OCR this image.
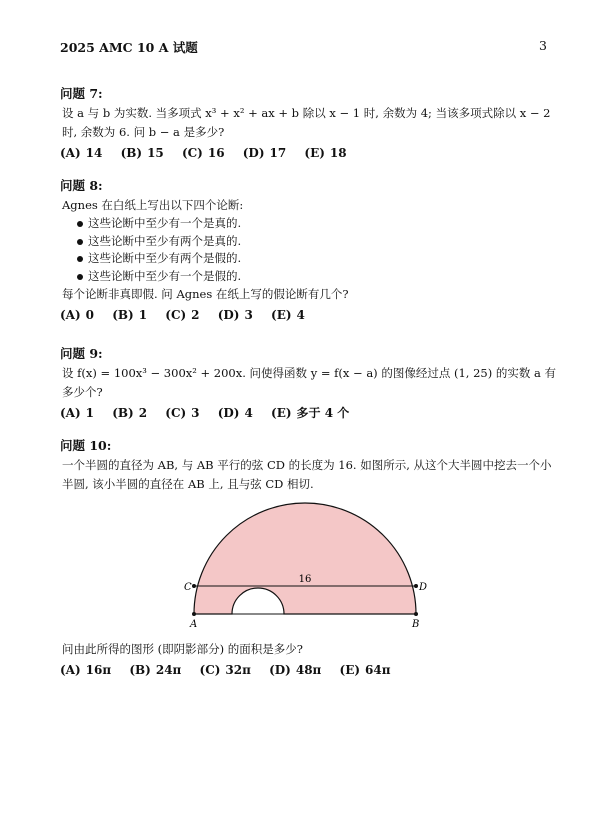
2025 AMC 10 A 试题	3
问题 7:
设 a 与 b 为实数. 当多项式 x³ + x² + ax + b 除以 x − 1 时, 余数为 4; 当该多项式除以 x − 2 时, 余数为 6. 问 b − a 是多少?
(A) 14 (B) 15 (C) 16 (D) 17 (E) 18
问题 8:
Agnes 在白纸上写出以下四个论断:
这些论断中至少有一个是真的.
这些论断中至少有两个是真的.
这些论断中至少有两个是假的.
这些论断中至少有一个是假的.
每个论断非真即假. 问 Agnes 在纸上写的假论断有几个?
(A) 0 (B) 1 (C) 2 (D) 3 (E) 4
问题 9:
设 f(x) = 100x³ − 300x² + 200x. 问使得函数 y = f(x − a) 的图像经过点 (1, 25) 的实数 a 有多少个?
(A) 1 (B) 2 (C) 3 (D) 4 (E) 多于 4 个
问题 10:
一个半圆的直径为 AB, 与 AB 平行的弦 CD 的长度为 16. 如图所示, 从这个大半圆中挖去一个小半圆, 该小半圆的直径在 AB 上, 且与弦 CD 相切.
16
C	D
A	B
问由此所得的图形 (即阴影部分) 的面积是多少?
(A) 16π (B) 24π (C) 32π (D) 48π (E) 64π
